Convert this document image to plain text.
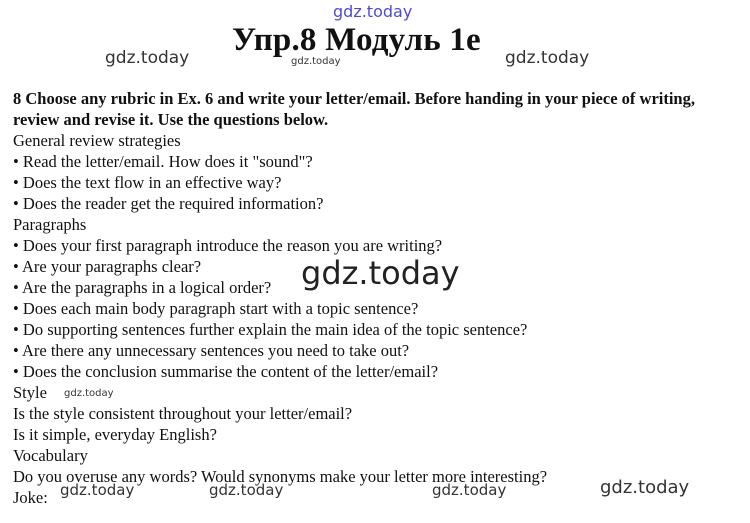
gdz.today
gdz.today Упр.8 Модуль 1e
gdz.today	gdz.today

8 Choose any rubric in Ex. 6 and write your letter/email. Before handing in your piece of writing, review and revise it. Use the questions below.

General review strategies
• Read the letter/email. How does it "sound"?
• Does the text flow in an effective way?
• Does the reader get the required information?
Paragraphs
• Does your first paragraph introduce the reason you are writing?
• Are your paragraphs clear?
• Are the paragraphs in a logical order?
• Does each main body paragraph start with a topic sentence?
• Do supporting sentences further explain the main idea of the topic sentence?
• Are there any unnecessary sentences you need to take out?
• Does the conclusion summarise the content of the letter/email?
Style
Is the style consistent throughout your letter/email?
Is it simple, everyday English?
Vocabulary
Do you overuse any words? Would synonyms make your letter more interesting?
Joke:
gdz.today
gdz.today
gdz.today	gdz.today	gdz.today	gdz.today
